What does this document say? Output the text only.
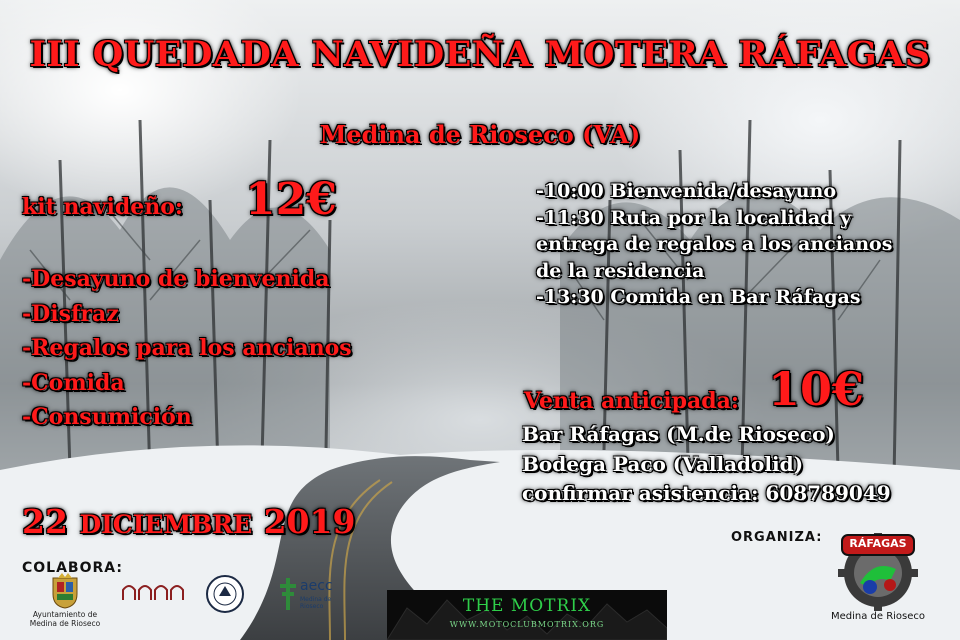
III QUEDADA NAVIDEÑA MOTERA RÁFAGAS
Medina de Rioseco (VA)
kit navideño: 12€
-Desayuno de bienvenida
-Disfraz
-Regalos para los ancianos
-Comida
-Consumición
-10:00 Bienvenida/desayuno
-11:30 Ruta por la localidad y
entrega de regalos a los ancianos
de la residencia
-13:30 Comida en Bar Ráfagas
Venta anticipada: 10€
Bar Ráfagas (M.de Rioseco)
Bodega Paco (Valladolid)
confirmar asistencia: 608789049
22 DICIEMBRE 2019
COLABORA:
ORGANIZA:
Ayuntamiento de Medina de Rioseco
aecc
Medina de Rioseco	THE MOTRIX
WWW.MOTOCLUBMOTRIX.ORG
RÁFAGAS
Medina de Rioseco
